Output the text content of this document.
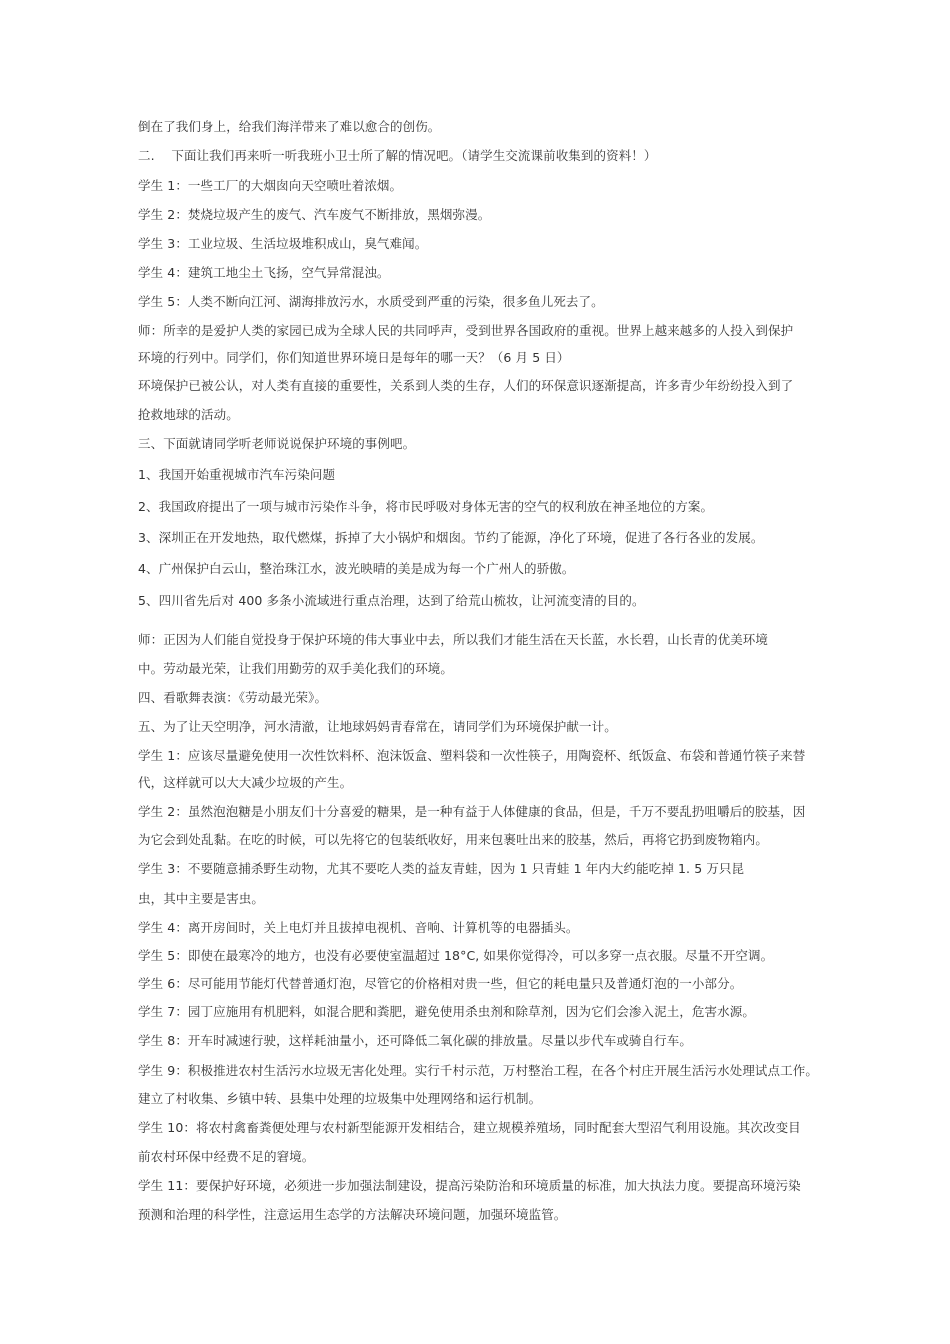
倒在了我们身上，给我们海洋带来了难以愈合的创伤。
二.　 下面让我们再来听一听我班小卫士所了解的情况吧。（请学生交流课前收集到的资料！）
学生 1：一些工厂的大烟囱向天空喷吐着浓烟。
学生 2：焚烧垃圾产生的废气、汽车废气不断排放，黑烟弥漫。
学生 3：工业垃圾、生活垃圾堆积成山，臭气难闻。
学生 4：建筑工地尘土飞扬，空气异常混浊。
学生 5：人类不断向江河、湖海排放污水，水质受到严重的污染，很多鱼儿死去了。
师：所幸的是爱护人类的家园已成为全球人民的共同呼声，受到世界各国政府的重视。世界上越来越多的人投入到保护
环境的行列中。同学们，你们知道世界环境日是每年的哪一天？（6 月 5 日）
环境保护已被公认，对人类有直接的重要性，关系到人类的生存，人们的环保意识逐渐提高，许多青少年纷纷投入到了
抢救地球的活动。
三、下面就请同学听老师说说保护环境的事例吧。
1、我国开始重视城市汽车污染问题
2、我国政府提出了一项与城市污染作斗争，将市民呼吸对身体无害的空气的权利放在神圣地位的方案。
3、深圳正在开发地热，取代燃煤，拆掉了大小锅炉和烟囱。节约了能源，净化了环境，促进了各行各业的发展。
4、广州保护白云山，整治珠江水，波光映晴的美是成为每一个广州人的骄傲。
5、四川省先后对 400 多条小流域进行重点治理，达到了给荒山梳妆，让河流变清的目的。
师：正因为人们能自觉投身于保护环境的伟大事业中去，所以我们才能生活在天长蓝，水长碧，山长青的优美环境
中。劳动最光荣，让我们用勤劳的双手美化我们的环境。
四、看歌舞表演：《劳动最光荣》。
五、为了让天空明净，河水清澈，让地球妈妈青春常在，请同学们为环境保护献一计。
学生 1：应该尽量避免使用一次性饮料杯、泡沫饭盒、塑料袋和一次性筷子，用陶瓷杯、纸饭盒、布袋和普通竹筷子来替
代，这样就可以大大减少垃圾的产生。
学生 2：虽然泡泡糖是小朋友们十分喜爱的糖果，是一种有益于人体健康的食品，但是，千万不要乱扔咀嚼后的胶基，因
为它会到处乱黏。在吃的时候，可以先将它的包装纸收好，用来包裹吐出来的胶基，然后，再将它扔到废物箱内。
学生 3：不要随意捕杀野生动物，尤其不要吃人类的益友青蛙，因为 1 只青蛙 1 年内大约能吃掉 1. 5 万只昆
虫，其中主要是害虫。
学生 4：离开房间时，关上电灯并且拔掉电视机、音响、计算机等的电器插头。
学生 5：即使在最寒冷的地方，也没有必要使室温超过 18°C, 如果你觉得冷，可以多穿一点衣服。尽量不开空调。
学生 6：尽可能用节能灯代替普通灯泡，尽管它的价格相对贵一些，但它的耗电量只及普通灯泡的一小部分。
学生 7：园丁应施用有机肥料，如混合肥和粪肥，避免使用杀虫剂和除草剂，因为它们会渗入泥土，危害水源。
学生 8：开车时减速行驶，这样耗油量小，还可降低二氧化碳的排放量。尽量以步代车或骑自行车。
学生 9：积极推进农村生活污水垃圾无害化处理。实行千村示范，万村整治工程，在各个村庄开展生活污水处理试点工作。
建立了村收集、乡镇中转、县集中处理的垃圾集中处理网络和运行机制。
学生 10：将农村禽畜粪便处理与农村新型能源开发相结合，建立规模养殖场，同时配套大型沼气利用设施。其次改变目
前农村环保中经费不足的窘境。
学生 11：要保护好环境，必须进一步加强法制建设，提高污染防治和环境质量的标准，加大执法力度。要提高环境污染
预测和治理的科学性，注意运用生态学的方法解决环境问题，加强环境监管。
